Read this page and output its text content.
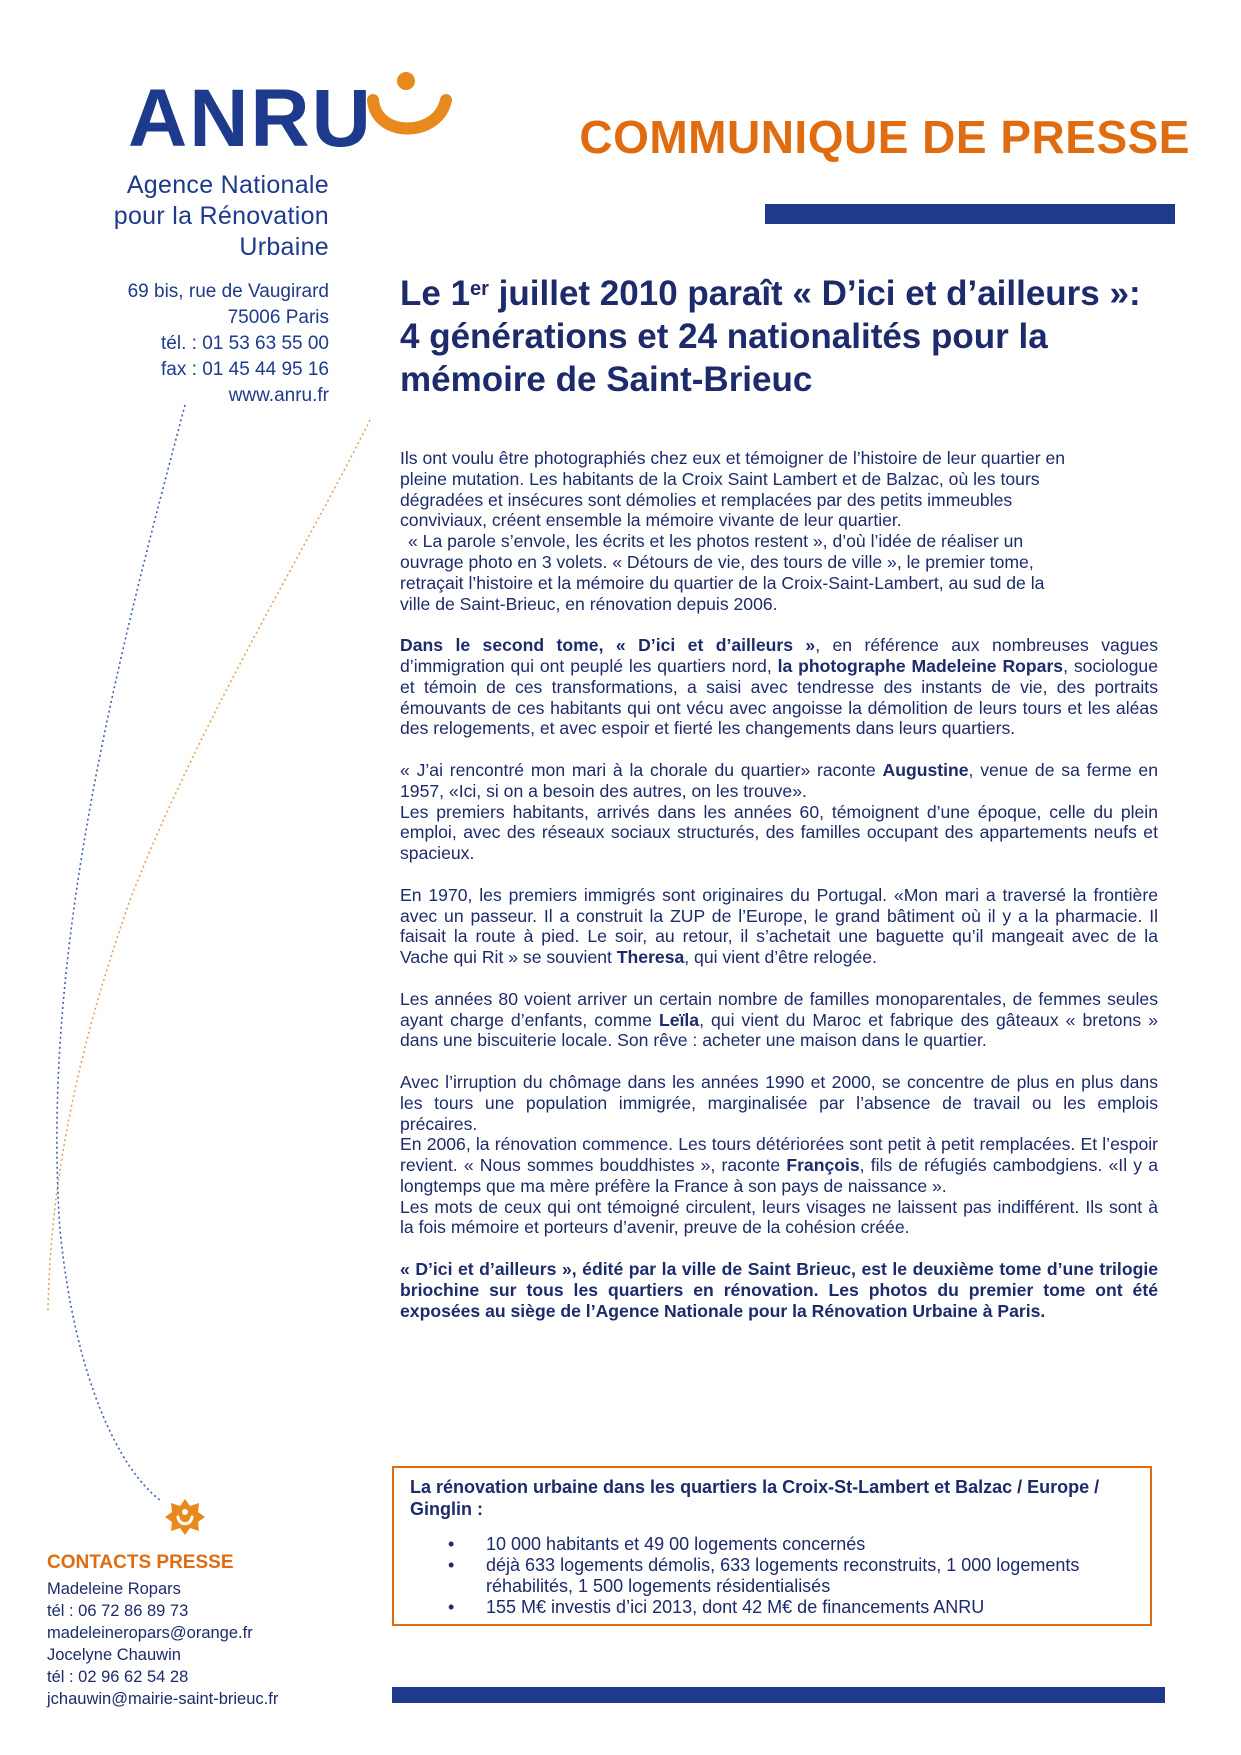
ANRU
Agence Nationale
pour la Rénovation
Urbaine
69 bis, rue de Vaugirard
75006 Paris
tél. : 01 53 63 55 00
fax : 01 45 44 95 16
www.anru.fr
COMMUNIQUE DE PRESSE
Le 1er juillet 2010 paraît « D’ici et d’ailleurs »:
4 générations et 24 nationalités pour la
mémoire de Saint-Brieuc

Ils ont voulu être photographiés chez eux et témoigner de l’histoire de leur quartier en
pleine mutation. Les habitants de la Croix Saint Lambert et de Balzac, où les tours
dégradées et insécures sont démolies et remplacées par des petits immeubles
conviviaux, créent ensemble la mémoire vivante de leur quartier.
« La parole s’envole, les écrits et les photos restent », d’où l’idée de réaliser un
ouvrage photo en 3 volets. « Détours de vie, des tours de ville », le premier tome,
retraçait l’histoire et la mémoire du quartier de la Croix-Saint-Lambert, au sud de la
ville de Saint-Brieuc, en rénovation depuis 2006.

Dans le second tome, « D’ici et d’ailleurs », en référence aux nombreuses vagues d’immigration qui ont peuplé les quartiers nord, la photographe Madeleine Ropars, sociologue et témoin de ces transformations, a saisi avec tendresse des instants de vie, des portraits émouvants de ces habitants qui ont vécu avec angoisse la démolition de leurs tours et les aléas des relogements, et avec espoir et fierté les changements dans leurs quartiers.

« J’ai rencontré mon mari à la chorale du quartier» raconte Augustine, venue de sa ferme en 1957, «Ici, si on a besoin des autres, on les trouve».
Les premiers habitants, arrivés dans les années 60, témoignent d’une époque, celle du plein emploi, avec des réseaux sociaux structurés, des familles occupant des appartements neufs et spacieux.

En 1970, les premiers immigrés sont originaires du Portugal. «Mon mari a traversé la frontière avec un passeur. Il a construit la ZUP de l’Europe, le grand bâtiment où il y a la pharmacie. Il faisait la route à pied. Le soir, au retour, il s’achetait une baguette qu’il mangeait avec de la Vache qui Rit » se souvient Theresa, qui vient d’être relogée.

Les années 80 voient arriver un certain nombre de familles monoparentales, de femmes seules ayant charge d’enfants, comme Leïla, qui vient du Maroc et fabrique des gâteaux « bretons » dans une biscuiterie locale. Son rêve : acheter une maison dans le quartier.

Avec l’irruption du chômage dans les années 1990 et 2000, se concentre de plus en plus dans les tours une population immigrée, marginalisée par l’absence de travail ou les emplois précaires.
En 2006, la rénovation commence. Les tours détériorées sont petit à petit remplacées. Et l’espoir revient. « Nous sommes bouddhistes », raconte François, fils de réfugiés cambodgiens. «Il y a longtemps que ma mère préfère la France à son pays de naissance ».
Les mots de ceux qui ont témoigné circulent, leurs visages ne laissent pas indifférent. Ils sont à la fois mémoire et porteurs d’avenir, preuve de la cohésion créée.

« D’ici et d’ailleurs », édité par la ville de Saint Brieuc, est le deuxième tome d’une trilogie briochine sur tous les quartiers en rénovation. Les photos du premier tome ont été exposées au siège de l’Agence Nationale pour la Rénovation Urbaine à Paris.

La rénovation urbaine dans les quartiers la Croix-St-Lambert et Balzac / Europe / Ginglin :
• 10 000 habitants et 49 00 logements concernés
• déjà 633 logements démolis, 633 logements reconstruits, 1 000 logements réhabilités, 1 500 logements résidentialisés
• 155 M€ investis d’ici 2013, dont 42 M€ de financements ANRU
CONTACTS PRESSE
Madeleine Ropars
tél : 06 72 86 89 73
madeleineropars@orange.fr
Jocelyne Chauwin
tél : 02 96 62 54 28
jchauwin@mairie-saint-brieuc.fr
